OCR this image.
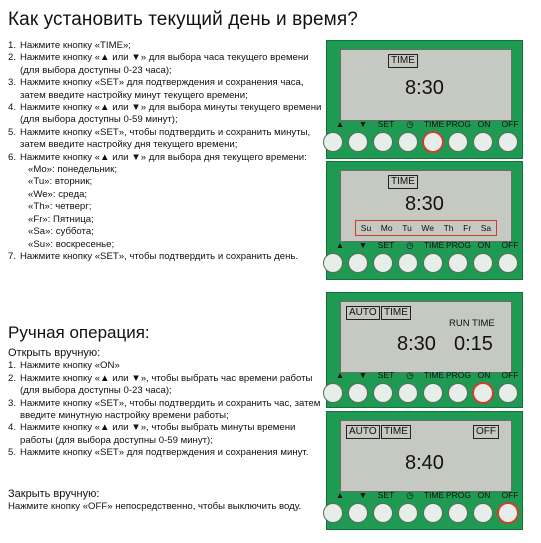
Как установить текущий день и время?
1. Нажмите кнопку «TIME»;
2. Нажмите кнопку «▲ или ▼» для выбора часа текущего времени (для выбора доступны 0-23 часа);
3. Нажмите кнопку «SET» для подтверждения и сохранения часа, затем введите настройку минут текущего времени;
4. Нажмите кнопку «▲ или ▼» для выбора минуты текущего времени (для выбора доступны 0-59 минут);
5. Нажмите кнопку «SET», чтобы подтвердить и сохранить минуты, затем введите настройку дня текущего времени;
6. Нажмите кнопку «▲ или ▼» для выбора дня текущего времени:
«Mo»: понедельник;
«Tu»: вторник;
«We»: среда;
«Th»: четверг;
«Fr»: Пятница;
«Sa»: суббота;
«Su»: воскресенье;
7. Нажмите кнопку «SET», чтобы подтвердить и сохранить день.
Ручная операция:
Открыть вручную:
1. Нажмите кнопку «ON»
2. Нажмите кнопку «▲ или ▼», чтобы выбрать час времени работы (для выбора доступны 0-23 часа);
3. Нажмите кнопку «SET», чтобы подтвердить и сохранить час, затем введите минутную настройку времени работы;
4. Нажмите кнопку «▲ или ▼», чтобы выбрать минуты времени работы (для выбора доступны 0-59 минут);
5. Нажмите кнопку «SET» для подтверждения и сохранения минут.
Закрыть вручную:
Нажмите кнопку «OFF» непосредственно, чтобы выключить воду.
TIME
8:30
▲	▼	SET	◷	TIME PROG ON	OFF
TIME
8:30
Su Mo Tu We Th Fr Sa
▲	▼	SET	◷	TIME PROG ON	OFF
AUTO TIME
RUN TIME
8:30 0:15
▲	▼	SET	◷	TIME PROG ON	OFF
AUTO TIME	OFF
8:40
▲	▼	SET	◷	TIME PROG ON	OFF
